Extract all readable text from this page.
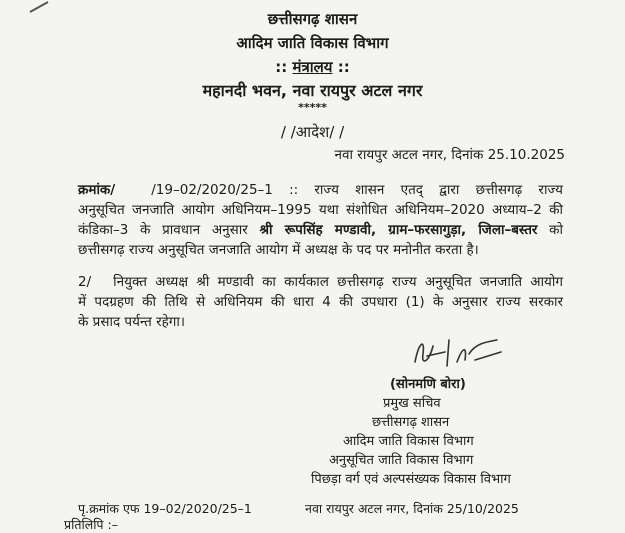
छत्तीसगढ़ शासन
आदिम जाति विकास विभाग
:: मंत्रालय ::
महानदी भवन, नवा रायपुर अटल नगर
*****
/ /आदेश/ /
नवा रायपुर अटल नगर, दिनांक 25.10.2025
क्रमांक/	/19–02/2020/25–1 :: राज्य शासन एतद् द्वारा छत्तीसगढ़ राज्य
अनुसूचित जनजाति आयोग अधिनियम–1995 यथा संशोधित अधिनियम–2020 अध्याय–2 की
कंडिका–3 के प्रावधान अनुसार श्री रूपसिंह मण्डावी, ग्राम–फरसागुड़ा, जिला–बस्तर को
छत्तीसगढ़ राज्य अनुसूचित जनजाति आयोग में अध्यक्ष के पद पर मनोनीत करता है।
2/ नियुक्त अध्यक्ष श्री मण्डावी का कार्यकाल छत्तीसगढ़ राज्य अनुसूचित जनजाति आयोग
में पदग्रहण की तिथि से अधिनियम की धारा 4 की उपधारा (1) के अनुसार राज्य सरकार
के प्रसाद पर्यन्त रहेगा।
(सोनमणि बोरा)
प्रमुख सचिव
छत्तीसगढ़ शासन
आदिम जाति विकास विभाग
अनुसूचित जाति विकास विभाग
पिछड़ा वर्ग एवं अल्पसंख्यक विकास विभाग
पृ.क्रमांक एफ 19–02/2020/25–1	नवा रायपुर अटल नगर, दिनांक 25/10/2025
प्रतिलिपि :–
